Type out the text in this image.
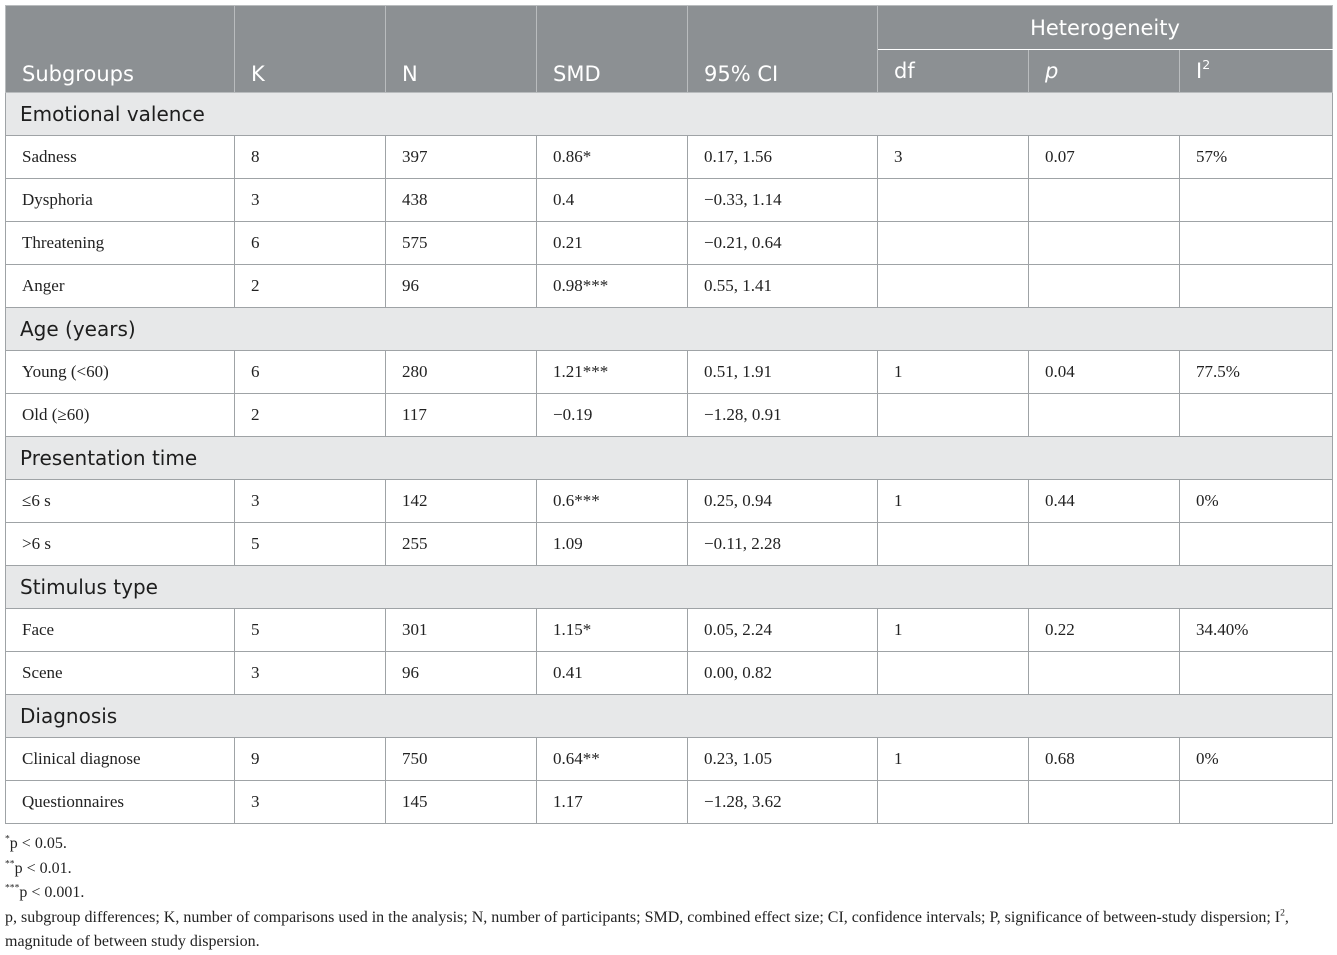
Subgroups	K	N	SMD	95% CI	Heterogeneity		
					df	p	$I^2$
Emotional valence							
Sadness	8	397	0.86*	0.17, 1.56	3	0.07	57%
Dysphoria	3	438	0.4	−0.33, 1.14			
Threatening	6	575	0.21	−0.21, 0.64			
Anger	2	96	0.98***	0.55, 1.41			
Age (years)							
Young (<60)	6	280	1.21***	0.51, 1.91	1	0.04	77.5%
Old (≥60)	2	117	−0.19	−1.28, 0.91			
Presentation time							
≤6 s	3	142	0.6***	0.25, 0.94	1	0.44	0%
>6 s	5	255	1.09	−0.11, 2.28			
Stimulus type							
Face	5	301	1.15*	0.05, 2.24	1	0.22	34.40%
Scene	3	96	0.41	0.00, 0.82			
Diagnosis							
Clinical diagnose	9	750	0.64**	0.23, 1.05	1	0.68	0%
Questionnaires	3	145	1.17	−1.28, 3.62			
*p < 0.05.
**p < 0.01.
***p < 0.001.
p, subgroup differences; K, number of comparisons used in the analysis; N, number of participants; SMD, combined effect size; CI, confidence intervals; P, significance of between-study dispersion; $I^2$, magnitude of between study dispersion.
